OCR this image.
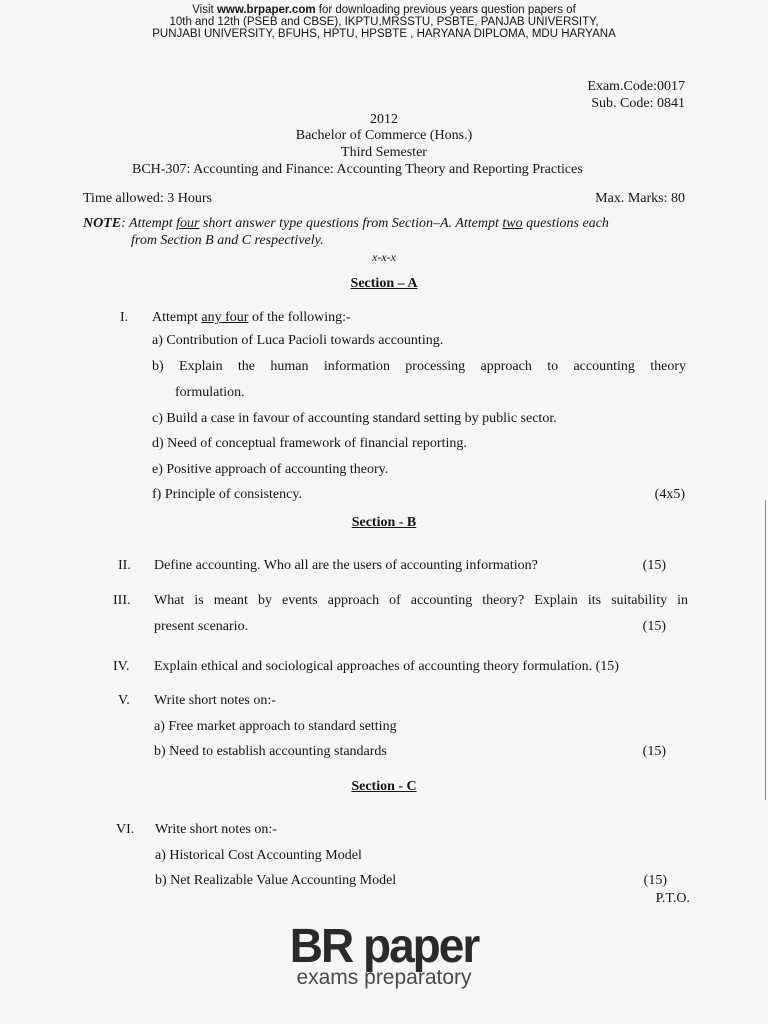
Visit www.brpaper.com for downloading previous years question papers of
10th and 12th (PSEB and CBSE), IKPTU,MRSSTU, PSBTE, PANJAB UNIVERSITY,
PUNJABI UNIVERSITY, BFUHS, HPTU, HPSBTE , HARYANA DIPLOMA, MDU HARYANA
Exam.Code:0017
Sub. Code: 0841
2012
Bachelor of Commerce (Hons.)
Third Semester
BCH-307: Accounting and Finance: Accounting Theory and Reporting Practices
Time allowed: 3 Hours	Max. Marks: 80
NOTE: Attempt four short answer type questions from Section–A. Attempt two questions each
from Section B and C respectively.
x-x-x
Section – A
I. Attempt any four of the following:-
a) Contribution of Luca Pacioli towards accounting.
b) Explain the human information processing approach to accounting theory
formulation.
c) Build a case in favour of accounting standard setting by public sector.
d) Need of conceptual framework of financial reporting.
e) Positive approach of accounting theory.
f) Principle of consistency.	(4x5)
Section - B
II. Define accounting. Who all are the users of accounting information?	(15)
III. What is meant by events approach of accounting theory? Explain its suitability in
present scenario.	(15)
IV. Explain ethical and sociological approaches of accounting theory formulation. (15)
V. Write short notes on:-
a) Free market approach to standard setting
b) Need to establish accounting standards	(15)
Section - C
VI. Write short notes on:-
a) Historical Cost Accounting Model
b) Net Realizable Value Accounting Model	(15)
P.T.O.
BR paper
exams preparatory
